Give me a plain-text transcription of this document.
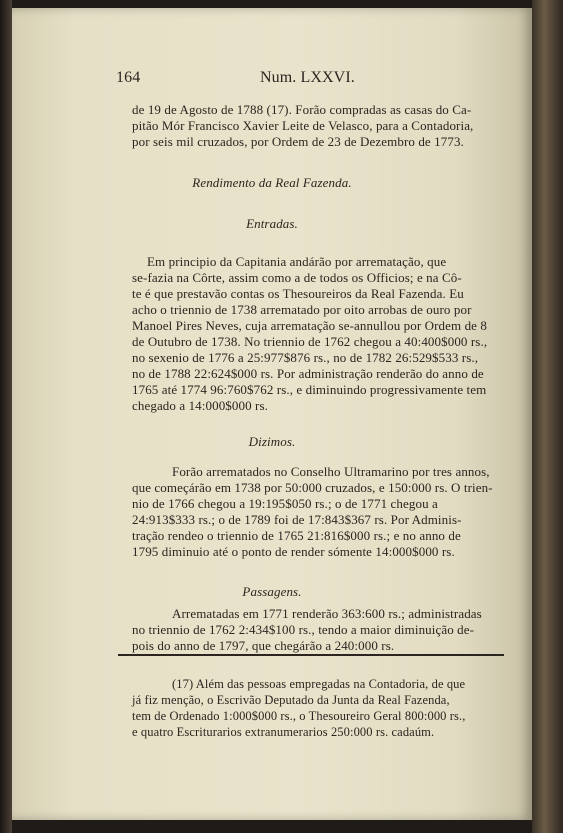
164	Num. LXXVI.
de 19 de Agosto de 1788 (17). Forão compradas as casas do Ca-
pitão Mór Francisco Xavier Leite de Velasco, para a Contadoria,
por seis mil cruzados, por Ordem de 23 de Dezembro de 1773.
Rendimento da Real Fazenda.
Entradas.
Em principio da Capitania andárão por arrematação, que
se-fazia na Côrte, assim como a de todos os Officios; e na Cô-
te é que prestavão contas os Thesoureiros da Real Fazenda. Eu
acho o triennio de 1738 arrematado por oito arrobas de ouro por
Manoel Pires Neves, cuja arrematação se-annullou por Ordem de 8
de Outubro de 1738. No triennio de 1762 chegou a 40:400$000 rs.,
no sexenio de 1776 a 25:977$876 rs., no de 1782 26:529$533 rs.,
no de 1788 22:624$000 rs. Por administração renderão do anno de
1765 até 1774 96:760$762 rs., e diminuindo progressivamente tem
chegado a 14:000$000 rs.
Dizimos.
Forão arrematados no Conselho Ultramarino por tres annos,
que começárão em 1738 por 50:000 cruzados, e 150:000 rs. O trien-
nio de 1766 chegou a 19:195$050 rs.; o de 1771 chegou a
24:913$333 rs.; o de 1789 foi de 17:843$367 rs. Por Adminis-
tração rendeo o triennio de 1765 21:816$000 rs.; e no anno de
1795 diminuio até o ponto de render sómente 14:000$000 rs.
Passagens.
Arrematadas em 1771 renderão 363:600 rs.; administradas
no triennio de 1762 2:434$100 rs., tendo a maior diminuição de-
pois do anno de 1797, que chegárão a 240:000 rs.
(17) Além das pessoas empregadas na Contadoria, de que
já fiz menção, o Escrivão Deputado da Junta da Real Fazenda,
tem de Ordenado 1:000$000 rs., o Thesoureiro Geral 800:000 rs.,
e quatro Escriturarios extranumerarios 250:000 rs. cadaúm.
